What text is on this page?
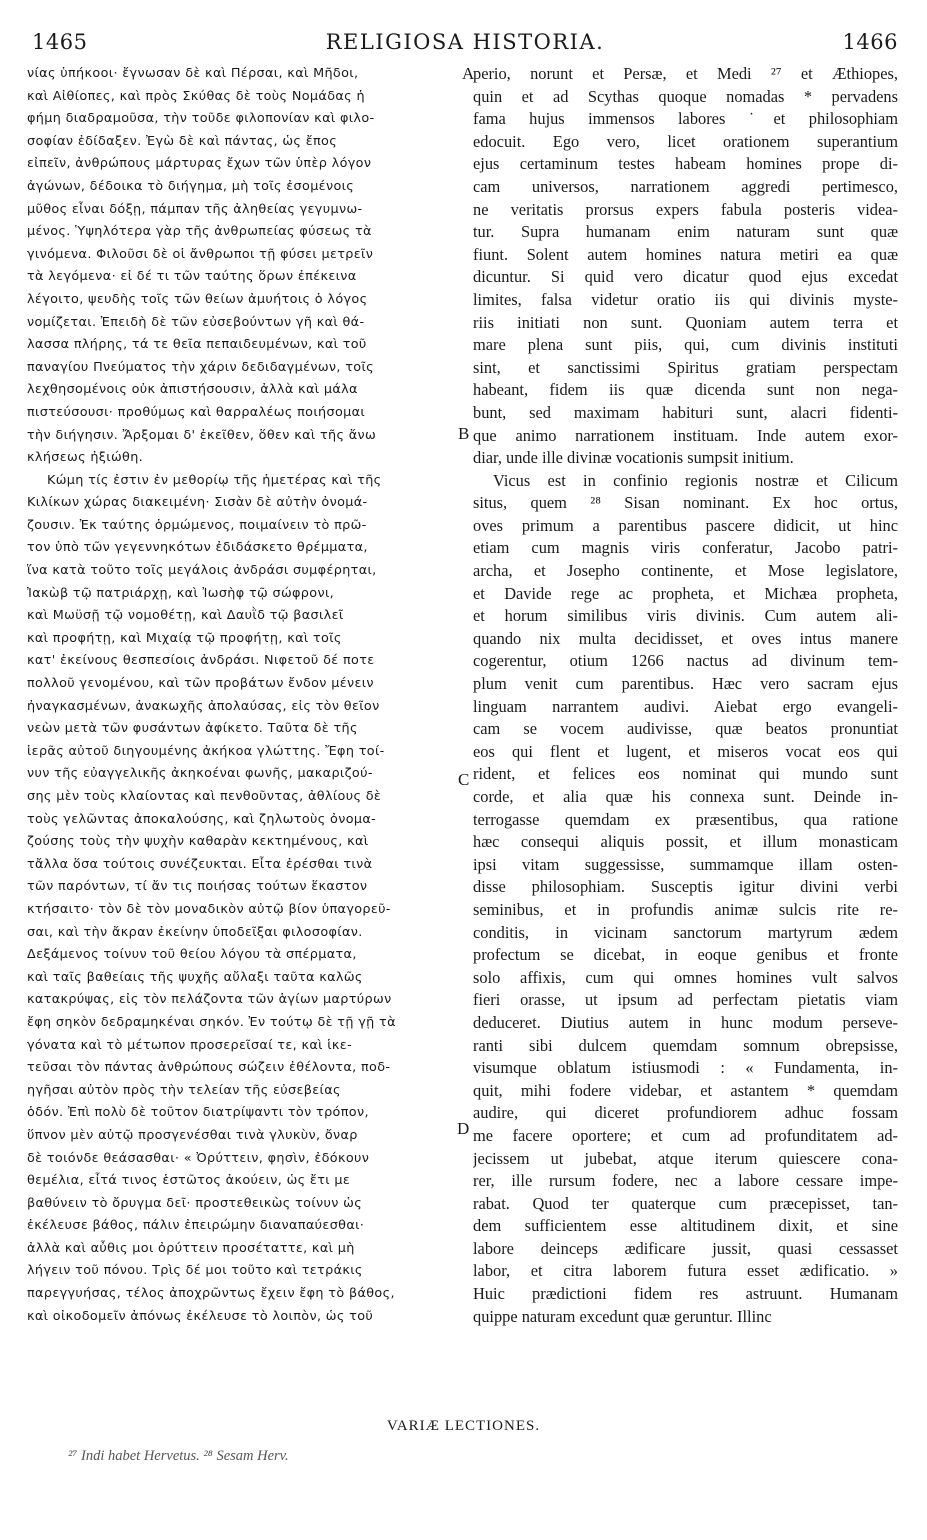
1465	RELIGIOSA HISTORIA.	1466
νίας ὑπήκοοι· ἔγνωσαν δὲ καὶ Πέρσαι, καὶ Μῆδοι,
καὶ Αἰθίοπες, καὶ πρὸς Σκύθας δὲ τοὺς Νομάδας ἡ
φήμη διαδραμοῦσα, τὴν τοῦδε φιλοπονίαν καὶ φιλο-
σοφίαν ἐδίδαξεν. Ἐγὼ δὲ καὶ πάντας, ὡς ἔπος
εἰπεῖν, ἀνθρώπους μάρτυρας ἔχων τῶν ὑπὲρ λόγον
ἀγώνων, δέδοικα τὸ διήγημα, μὴ τοῖς ἐσομένοις
μῦθος εἶναι δόξῃ, πάμπαν τῆς ἀληθείας γεγυμνω-
μένος. Ὑψηλότερα γὰρ τῆς ἀνθρωπείας φύσεως τὰ
γινόμενα. Φιλοῦσι δὲ οἱ ἄνθρωποι τῇ φύσει μετρεῖν
τὰ λεγόμενα· εἰ δέ τι τῶν ταύτης ὅρων ἐπέκεινα
λέγοιτο, ψευδὴς τοῖς τῶν θείων ἀμυήτοις ὁ λόγος
νομίζεται. Ἐπειδὴ δὲ τῶν εὐσεβούντων γῆ καὶ θά-
λασσα πλήρης, τά τε θεῖα πεπαιδευμένων, καὶ τοῦ
παναγίου Πνεύματος τὴν χάριν δεδιδαγμένων, τοῖς
λεχθησομένοις οὐκ ἀπιστήσουσιν, ἀλλὰ καὶ μάλα
πιστεύσουσι· προθύμως καὶ θαρραλέως ποιήσομαι
τὴν διήγησιν. Ἄρξομαι δ' ἐκεῖθεν, ὅθεν καὶ τῆς ἄνω
κλήσεως ἠξιώθη.
Κώμη τίς ἐστιν ἐν μεθορίῳ τῆς ἡμετέρας καὶ τῆς
Κιλίκων χώρας διακειμένη· Σισὰν δὲ αὐτὴν ὀνομά-
ζουσιν. Ἐκ ταύτης ὁρμώμενος, ποιμαίνειν τὸ πρῶ-
τον ὑπὸ τῶν γεγεννηκότων ἐδιδάσκετο θρέμματα,
ἵνα κατὰ τοῦτο τοῖς μεγάλοις ἀνδράσι συμφέρηται,
Ἰακὼβ τῷ πατριάρχῃ, καὶ Ἰωσὴφ τῷ σώφρονι,
καὶ Μωϋσῇ τῷ νομοθέτῃ, καὶ Δαυῒδ τῷ βασιλεῖ
καὶ προφήτῃ, καὶ Μιχαίᾳ τῷ προφήτῃ, καὶ τοῖς
κατ' ἐκείνους θεσπεσίοις ἀνδράσι. Νιφετοῦ δέ ποτε
πολλοῦ γενομένου, καὶ τῶν προβάτων ἔνδον μένειν
ἠναγκασμένων, ἀνακωχῆς ἀπολαύσας, εἰς τὸν θεῖον
νεὼν μετὰ τῶν φυσάντων ἀφίκετο. Ταῦτα δὲ τῆς
ἱερᾶς αὐτοῦ διηγουμένης ἀκήκοα γλώττης. Ἔφη τοί-
νυν τῆς εὐαγγελικῆς ἀκηκοέναι φωνῆς, μακαριζού-
σης μὲν τοὺς κλαίοντας καὶ πενθοῦντας, ἀθλίους δὲ
τοὺς γελῶντας ἀποκαλούσης, καὶ ζηλωτοὺς ὀνομα-
ζούσης τοὺς τὴν ψυχὴν καθαρὰν κεκτημένους, καὶ
τἄλλα ὅσα τούτοις συνέζευκται. Εἶτα ἐρέσθαι τινὰ
τῶν παρόντων, τί ἄν τις ποιήσας τούτων ἕκαστον
κτήσαιτο· τὸν δὲ τὸν μοναδικὸν αὐτῷ βίον ὑπαγορεῦ-
σαι, καὶ τὴν ἄκραν ἐκείνην ὑποδεῖξαι φιλοσοφίαν.
Δεξάμενος τοίνυν τοῦ θείου λόγου τὰ σπέρματα,
καὶ ταῖς βαθείαις τῆς ψυχῆς αὔλαξι ταῦτα καλῶς
κατακρύψας, εἰς τὸν πελάζοντα τῶν ἁγίων μαρτύρων
ἔφη σηκὸν δεδραμηκέναι σηκόν. Ἐν τούτῳ δὲ τῇ γῇ τὰ
γόνατα καὶ τὸ μέτωπον προσερεῖσαί τε, καὶ ἱκε-
τεῦσαι τὸν πάντας ἀνθρώπους σώζειν ἐθέλοντα, ποδ-
ηγῆσαι αὐτὸν πρὸς τὴν τελείαν τῆς εὐσεβείας
ὁδόν. Ἐπὶ πολὺ δὲ τοῦτον διατρίψαντι τὸν τρόπον,
ὕπνον μὲν αὐτῷ προσγενέσθαι τινὰ γλυκὺν, ὄναρ
δὲ τοιόνδε θεάσασθαι· « Ὀρύττειν, φησὶν, ἐδόκουν
θεμέλια, εἶτά τινος ἑστῶτος ἀκούειν, ὡς ἔτι με
βαθύνειν τὸ ὄρυγμα δεῖ· προστεθεικὼς τοίνυν ὡς
ἐκέλευσε βάθος, πάλιν ἐπειρώμην διαναπαύεσθαι·
ἀλλὰ καὶ αὖθις μοι ὀρύττειν προσέταττε, καὶ μὴ
λήγειν τοῦ πόνου. Τρὶς δέ μοι τοῦτο καὶ τετράκις
παρεγγυήσας, τέλος ἀποχρῶντως ἔχειν ἔφη τὸ βάθος,
καὶ οἰκοδομεῖν ἀπόνως ἐκέλευσε τὸ λοιπὸν, ὡς τοῦ
perio, norunt et Persæ, et Medi ²⁷ et Æthiopes,
quin et ad Scythas quoque nomadas * pervadens
fama hujus immensos labores ˙et philosophiam
edocuit. Ego vero, licet orationem superantium
ejus certaminum testes habeam homines prope di-
cam universos, narrationem aggredi pertimesco,
ne veritatis prorsus expers fabula posteris videa-
tur. Supra humanam enim naturam sunt quæ
fiunt. Solent autem homines natura metiri ea quæ
dicuntur. Si quid vero dicatur quod ejus excedat
limites, falsa videtur oratio iis qui divinis myste-
riis initiati non sunt. Quoniam autem terra et
mare plena sunt piis, qui, cum divinis instituti
sint, et sanctissimi Spiritus gratiam perspectam
habeant, fidem iis quæ dicenda sunt non nega-
bunt, sed maximam habituri sunt, alacri fidenti-
que animo narrationem instituam. Inde autem exor-
diar, unde ille divinæ vocationis sumpsit initium.
Vicus est in confinio regionis nostræ et Cilicum
situs, quem ²⁸ Sisan nominant. Ex hoc ortus,
oves primum a parentibus pascere didicit, ut hinc
etiam cum magnis viris conferatur, Jacobo patri-
archa, et Josepho continente, et Mose legislatore,
et Davide rege ac propheta, et Michæa propheta,
et horum similibus viris divinis. Cum autem ali-
quando nix multa decidisset, et oves intus manere
cogerentur, otium 1266 nactus ad divinum tem-
plum venit cum parentibus. Hæc vero sacram ejus
linguam narrantem audivi. Aiebat ergo evangeli-
cam se vocem audivisse, quæ beatos pronuntiat
eos qui flent et lugent, et miseros vocat eos qui
rident, et felices eos nominat qui mundo sunt
corde, et alia quæ his connexa sunt. Deinde in-
terrogasse quemdam ex præsentibus, qua ratione
hæc consequi aliquis possit, et illum monasticam
ipsi vitam suggessisse, summamque illam osten-
disse philosophiam. Susceptis igitur divini verbi
seminibus, et in profundis animæ sulcis rite re-
conditis, in vicinam sanctorum martyrum ædem
profectum se dicebat, in eoque genibus et fronte
solo affixis, cum qui omnes homines vult salvos
fieri orasse, ut ipsum ad perfectam pietatis viam
deduceret. Diutius autem in hunc modum perseve-
ranti sibi dulcem quemdam somnum obrepsisse,
visumque oblatum istiusmodi : « Fundamenta, in-
quit, mihi fodere videbar, et astantem * quemdam
audire, qui diceret profundiorem adhuc fossam
me facere oportere; et cum ad profunditatem ad-
jecissem ut jubebat, atque iterum quiescere cona-
rer, ille rursum fodere, nec a labore cessare impe-
rabat. Quod ter quaterque cum præcepisset, tan-
dem sufficientem esse altitudinem dixit, et sine
labore deinceps ædificare jussit, quasi cessasset
labor, et citra laborem futura esset ædificatio. »
Huic prædictioni fidem res astruunt. Humanam
quippe naturam excedunt quæ geruntur. Illinc
A
B
C
D
VARIÆ LECTIONES.
²⁷ Indi habet Hervetus. ²⁸ Sesam Herv.
